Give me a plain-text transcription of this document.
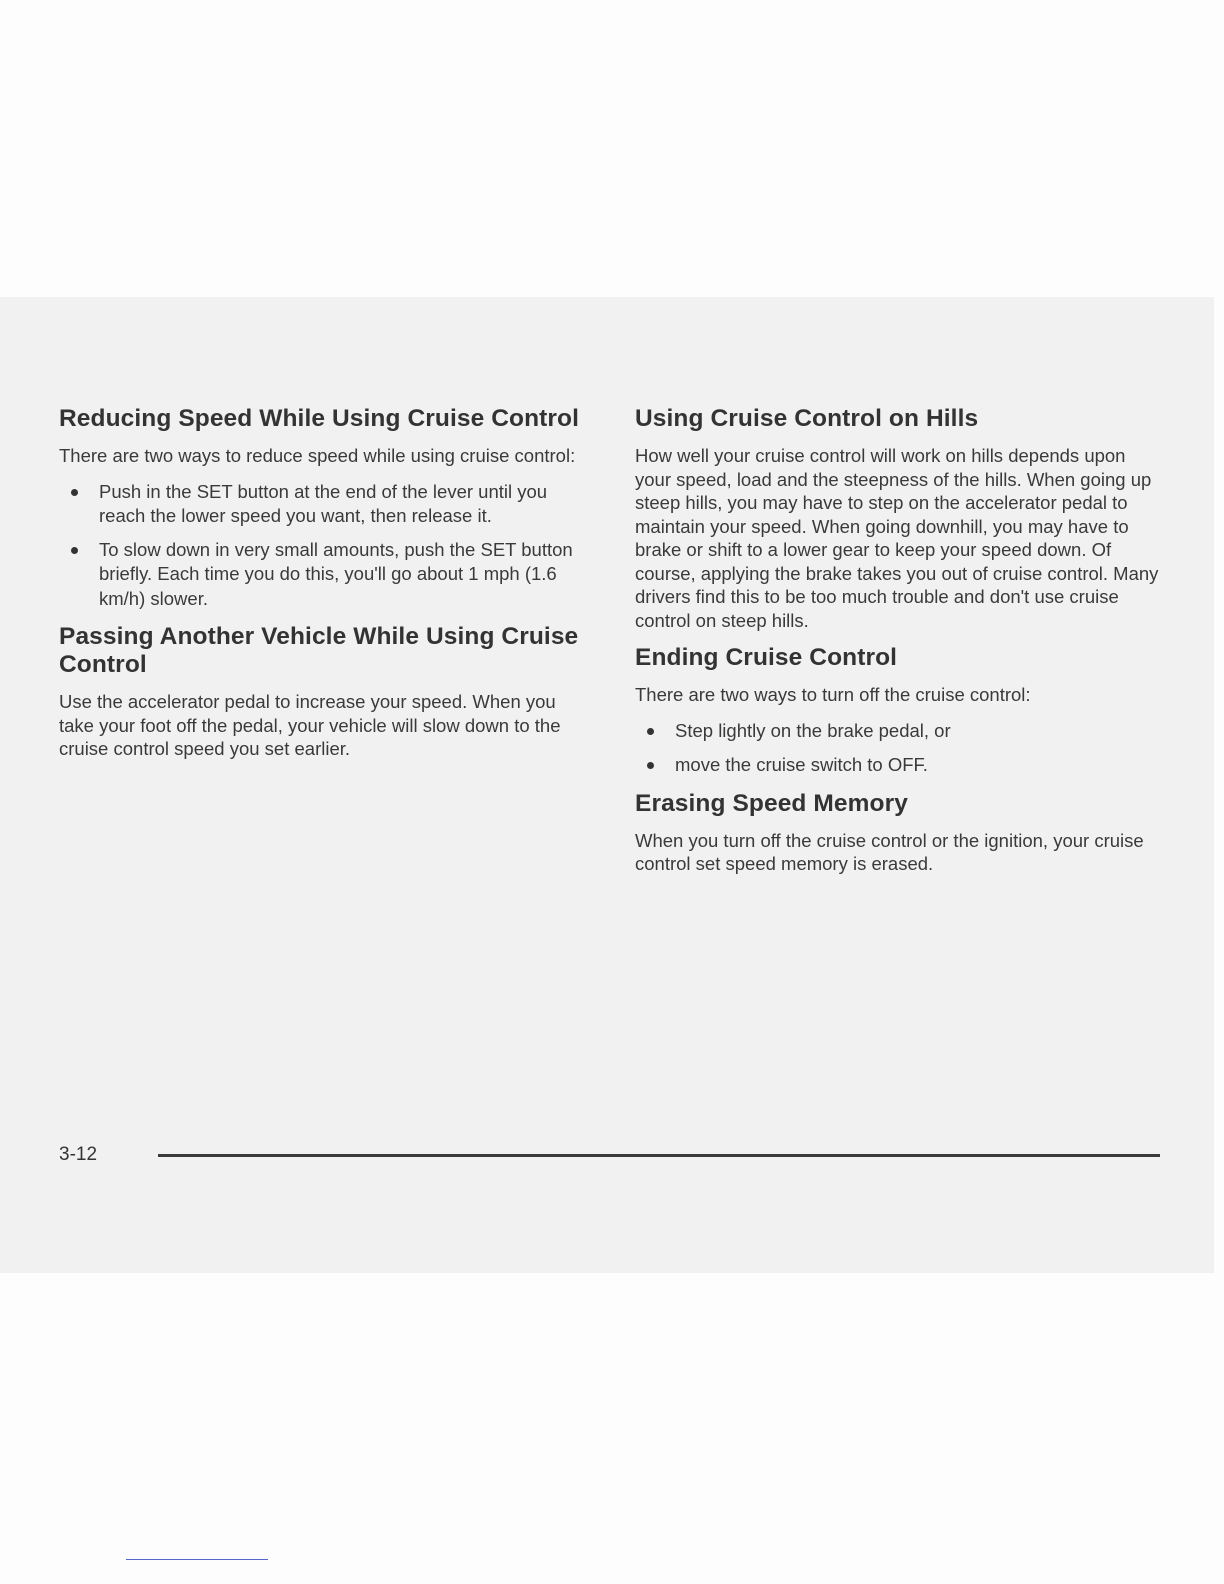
Reducing Speed While Using Cruise Control

There are two ways to reduce speed while using cruise control:

Push in the SET button at the end of the lever until you reach the lower speed you want, then release it.
To slow down in very small amounts, push the SET button briefly. Each time you do this, you'll go about 1 mph (1.6 km/h) slower.
Passing Another Vehicle While Using Cruise Control

Use the accelerator pedal to increase your speed. When you take your foot off the pedal, your vehicle will slow down to the cruise control speed you set earlier.

Using Cruise Control on Hills

How well your cruise control will work on hills depends upon your speed, load and the steepness of the hills. When going up steep hills, you may have to step on the accelerator pedal to maintain your speed. When going downhill, you may have to brake or shift to a lower gear to keep your speed down. Of course, applying the brake takes you out of cruise control. Many drivers find this to be too much trouble and don't use cruise control on steep hills.

Ending Cruise Control

There are two ways to turn off the cruise control:

Step lightly on the brake pedal, or
move the cruise switch to OFF.
Erasing Speed Memory

When you turn off the cruise control or the ignition, your cruise control set speed memory is erased.

3-12
